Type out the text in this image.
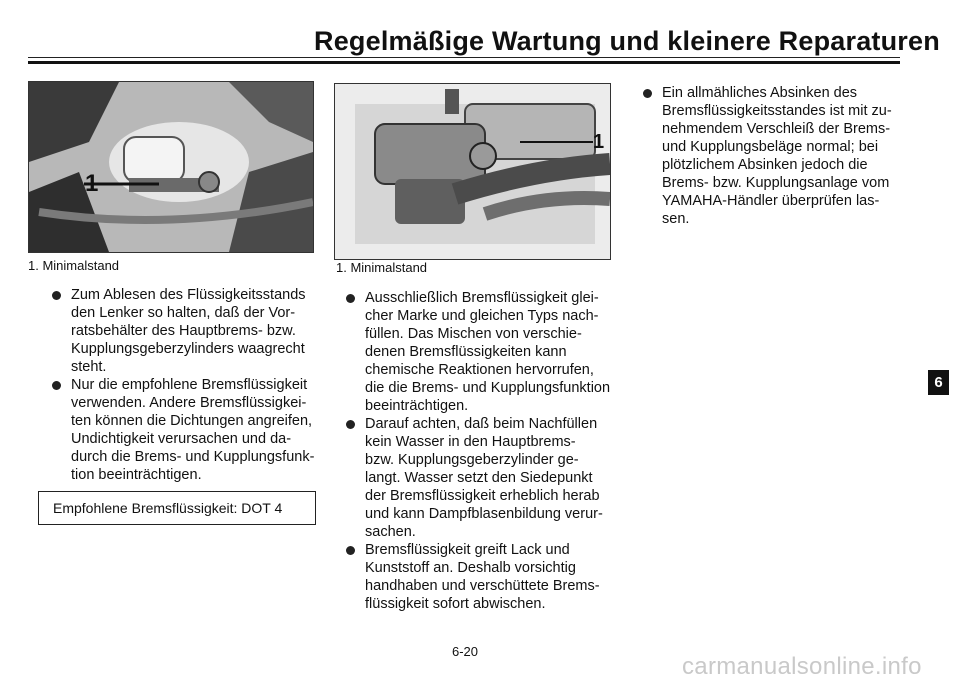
Regelmäßige Wartung und kleinere Reparaturen
1
1. Minimalstand
1
1. Minimalstand
Zum Ablesen des Flüssigkeitsstands
den Lenker so halten, daß der Vor-
ratsbehälter des Hauptbrems- bzw.
Kupplungsgeberzylinders waagrecht
steht.
Nur die empfohlene Bremsflüssigkeit
verwenden. Andere Bremsflüssigkei-
ten können die Dichtungen angreifen,
Undichtigkeit verursachen und da-
durch die Brems- und Kupplungsfunk-
tion beeinträchtigen.
Empfohlene Bremsflüssigkeit: DOT 4
Ausschließlich Bremsflüssigkeit glei-
cher Marke und gleichen Typs nach-
füllen. Das Mischen von verschie-
denen Bremsflüssigkeiten kann
chemische Reaktionen hervorrufen,
die die Brems- und Kupplungsfunktion
beeinträchtigen.
Darauf achten, daß beim Nachfüllen
kein Wasser in den Hauptbrems-
bzw. Kupplungsgeberzylinder ge-
langt. Wasser setzt den Siedepunkt
der Bremsflüssigkeit erheblich herab
und kann Dampfblasenbildung verur-
sachen.
Bremsflüssigkeit greift Lack und
Kunststoff an. Deshalb vorsichtig
handhaben und verschüttete Brems-
flüssigkeit sofort abwischen.
Ein allmähliches Absinken des
Bremsflüssigkeitsstandes ist mit zu-
nehmendem Verschleiß der Brems-
und Kupplungsbeläge normal; bei
plötzlichem Absinken jedoch die
Brems- bzw. Kupplungsanlage vom
YAMAHA-Händler überprüfen las-
sen.
6
6-20
carmanualsonline.info
